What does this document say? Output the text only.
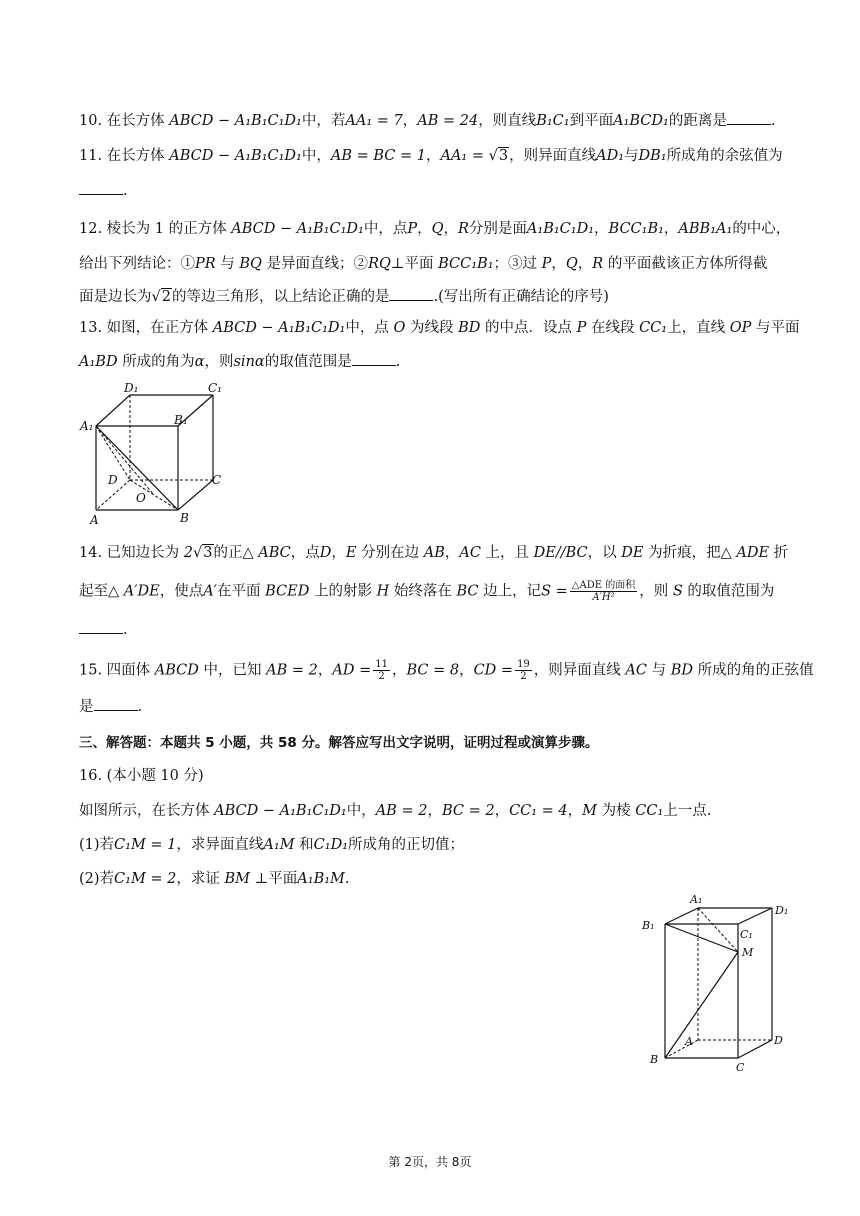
10. 在长方体 ABCD − A₁B₁C₁D₁中，若AA₁ = 7，AB = 24，则直线B₁C₁到平面A₁BCD₁的距离是	.
11. 在长方体 ABCD − A₁B₁C₁D₁中，AB = BC = 1，AA₁ = √3，则异面直线AD₁与DB₁所成角的余弦值为
.
12. 棱长为 1 的正方体 ABCD − A₁B₁C₁D₁中，点P，Q，R分别是面A₁B₁C₁D₁，BCC₁B₁，ABB₁A₁的中心，
给出下列结论：①PR 与 BQ 是异面直线；②RQ⊥平面 BCC₁B₁；③过 P，Q，R 的平面截该正方体所得截
面是边长为√2的等边三角形，以上结论正确的是	.(写出所有正确结论的序号)
13. 如图，在正方体 ABCD − A₁B₁C₁D₁中，点 O 为线段 BD 的中点．设点 P 在线段 CC₁上，直线 OP 与平面
A₁BD 所成的角为α，则sinα的取值范围是	.
D₁	C₁
A₁	B₁
D	C
O
A	B
14. 已知边长为 2√3的正△ ABC，点D，E 分别在边 AB，AC 上，且 DE//BC，以 DE 为折痕，把△ ADE 折
起至△ A′DE，使点A′在平面 BCED 上的射影 H 始终落在 BC 边上，记$S = \frac{\text{△ADE 的面积}}{\text{A′H²}}$ ，则 S 的取值范围为
.
15. 四面体 ABCD 中，已知 AB = 2，AD = $\frac{11}{2}$ ，BC = 8，CD = $\frac{19}{2}$ ，则异面直线 AC 与 BD 所成的角的正弦值
是	.
三、解答题：本题共 5 小题，共 58 分。解答应写出文字说明，证明过程或演算步骤。
16. (本小题 10 分)
如图所示，在长方体 ABCD − A₁B₁C₁D₁中，AB = 2，BC = 2，CC₁ = 4，M 为棱 CC₁上一点.
(1)若C₁M = 1，求异面直线A₁M 和C₁D₁所成角的正切值；
(2)若C₁M = 2，求证 BM ⊥平面A₁B₁M.
A₁
D₁
B₁
C₁
M
A	D
B
C
第 2页，共 8页
